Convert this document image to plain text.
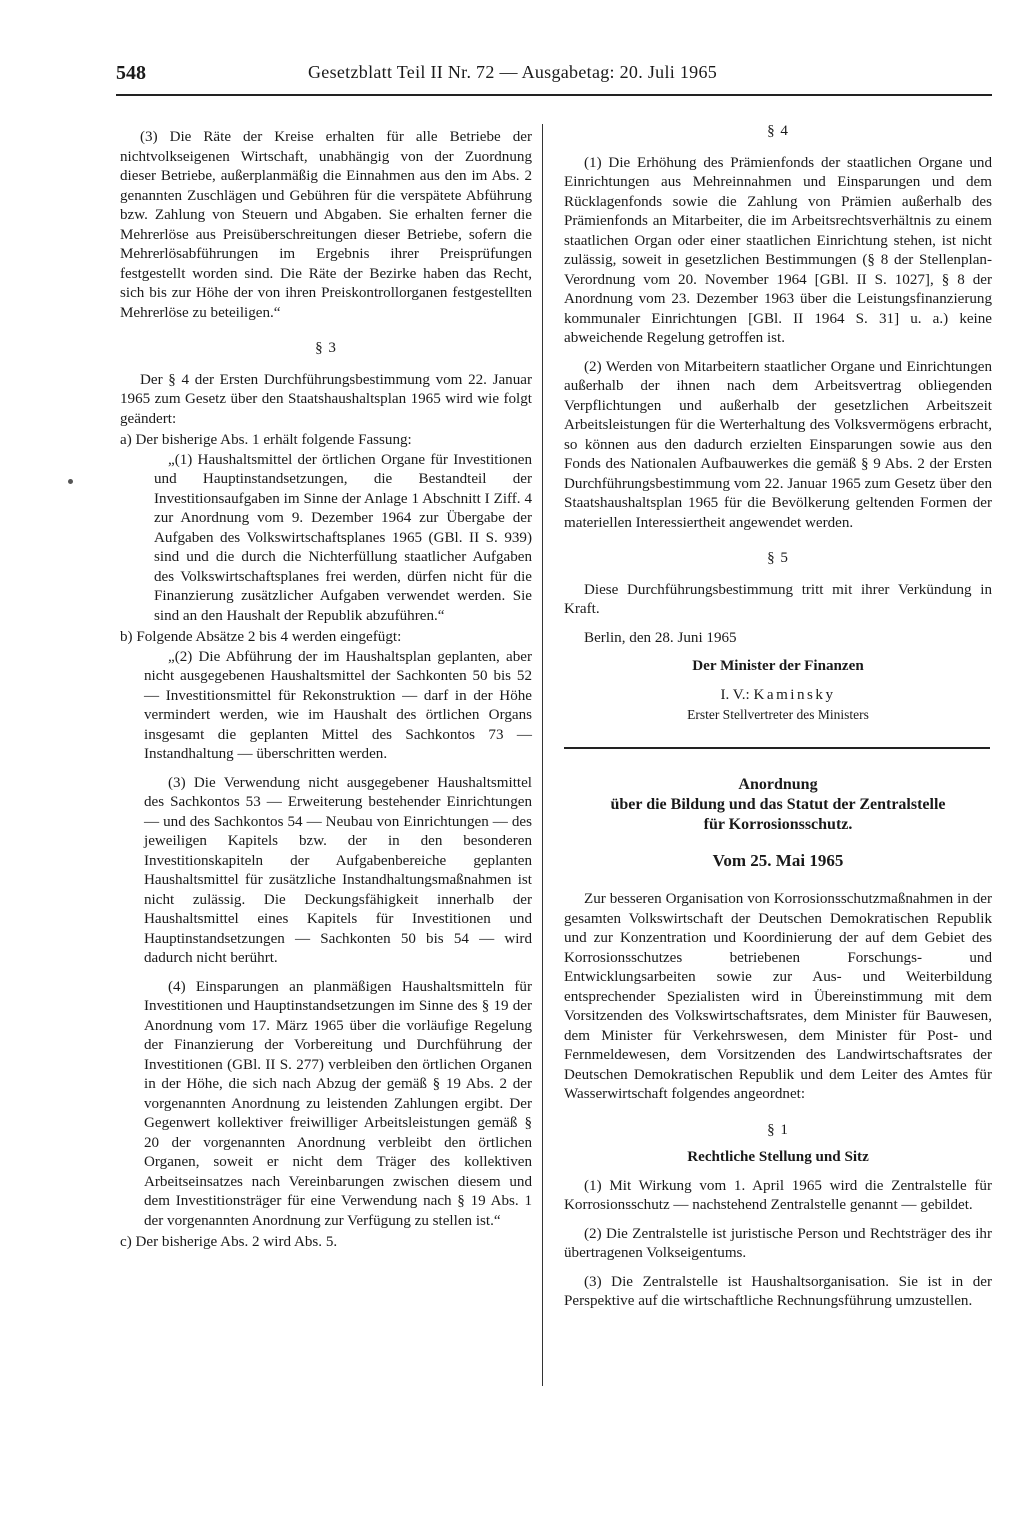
548	Gesetzblatt Teil II Nr. 72 — Ausgabetag: 20. Juli 1965

(3) Die Räte der Kreise erhalten für alle Betriebe der nichtvolkseigenen Wirtschaft, unabhängig von der Zuordnung dieser Betriebe, außerplanmäßig die Einnahmen aus den im Abs. 2 genannten Zuschlägen und Gebühren für die verspätete Abführung bzw. Zahlung von Steuern und Abgaben. Sie erhalten ferner die Mehrerlöse aus Preisüberschreitungen dieser Betriebe, sofern die Mehrerlösabführungen im Ergebnis ihrer Preisprüfungen festgestellt worden sind. Die Räte der Bezirke haben das Recht, sich bis zur Höhe der von ihren Preiskontrollorganen festgestellten Mehrerlöse zu beteiligen.“

§ 3

Der § 4 der Ersten Durchführungsbestimmung vom 22. Januar 1965 zum Gesetz über den Staatshaushaltsplan 1965 wird wie folgt geändert:

a) Der bisherige Abs. 1 erhält folgende Fassung:

„(1) Haushaltsmittel der örtlichen Organe für Investitionen und Hauptinstandsetzungen, die Bestandteil der Investitionsaufgaben im Sinne der Anlage 1 Abschnitt I Ziff. 4 zur Anordnung vom 9. Dezember 1964 zur Übergabe der Aufgaben des Volkswirtschaftsplanes 1965 (GBl. II S. 939) sind und die durch die Nichterfüllung staatlicher Aufgaben des Volkswirtschaftsplanes frei werden, dürfen nicht für die Finanzierung zusätzlicher Aufgaben verwendet werden. Sie sind an den Haushalt der Republik abzuführen.“

b) Folgende Absätze 2 bis 4 werden eingefügt:

„(2) Die Abführung der im Haushaltsplan geplanten, aber nicht ausgegebenen Haushaltsmittel der Sachkonten 50 bis 52 — Investitionsmittel für Rekonstruktion — darf in der Höhe vermindert werden, wie im Haushalt des örtlichen Organs insgesamt die geplanten Mittel des Sachkontos 73 — Instandhaltung — überschritten werden.

(3) Die Verwendung nicht ausgegebener Haushaltsmittel des Sachkontos 53 — Erweiterung bestehender Einrichtungen — und des Sachkontos 54 — Neubau von Einrichtungen — des jeweiligen Kapitels bzw. der in den besonderen Investitionskapiteln der Aufgabenbereiche geplanten Haushaltsmittel für zusätzliche Instandhaltungsmaßnahmen ist nicht zulässig. Die Deckungsfähigkeit innerhalb der Haushaltsmittel eines Kapitels für Investitionen und Hauptinstandsetzungen — Sachkonten 50 bis 54 — wird dadurch nicht berührt.

(4) Einsparungen an planmäßigen Haushaltsmitteln für Investitionen und Hauptinstandsetzungen im Sinne des § 19 der Anordnung vom 17. März 1965 über die vorläufige Regelung der Finanzierung der Vorbereitung und Durchführung der Investitionen (GBl. II S. 277) verbleiben den örtlichen Organen in der Höhe, die sich nach Abzug der gemäß § 19 Abs. 2 der vorgenannten Anordnung zu leistenden Zahlungen ergibt. Der Gegenwert kollektiver freiwilliger Arbeitsleistungen gemäß § 20 der vorgenannten Anordnung verbleibt den örtlichen Organen, soweit er nicht dem Träger des kollektiven Arbeitseinsatzes nach Vereinbarungen zwischen diesem und dem Investitionsträger für eine Verwendung nach § 19 Abs. 1 der vorgenannten Anordnung zur Verfügung zu stellen ist.“

c) Der bisherige Abs. 2 wird Abs. 5.

§ 4

(1) Die Erhöhung des Prämienfonds der staatlichen Organe und Einrichtungen aus Mehreinnahmen und Einsparungen und dem Rücklagenfonds sowie die Zahlung von Prämien außerhalb des Prämienfonds an Mitarbeiter, die im Arbeitsrechtsverhältnis zu einem staatlichen Organ oder einer staatlichen Einrichtung stehen, ist nicht zulässig, soweit in gesetzlichen Bestimmungen (§ 8 der Stellenplan-Verordnung vom 20. November 1964 [GBl. II S. 1027], § 8 der Anordnung vom 23. Dezember 1963 über die Leistungsfinanzierung kommunaler Einrichtungen [GBl. II 1964 S. 31] u. a.) keine abweichende Regelung getroffen ist.

(2) Werden von Mitarbeitern staatlicher Organe und Einrichtungen außerhalb der ihnen nach dem Arbeitsvertrag obliegenden Verpflichtungen und außerhalb der gesetzlichen Arbeitszeit Arbeitsleistungen für die Werterhaltung des Volksvermögens erbracht, so können aus den dadurch erzielten Einsparungen sowie aus den Fonds des Nationalen Aufbauwerkes die gemäß § 9 Abs. 2 der Ersten Durchführungsbestimmung vom 22. Januar 1965 zum Gesetz über den Staatshaushaltsplan 1965 für die Bevölkerung geltenden Formen der materiellen Interessiertheit angewendet werden.

§ 5

Diese Durchführungsbestimmung tritt mit ihrer Verkündung in Kraft.

Berlin, den 28. Juni 1965

Der Minister der Finanzen
I. V.: Kaminsky
Erster Stellvertreter des Ministers
Anordnung
über die Bildung und das Statut der Zentralstelle
für Korrosionsschutz.
Vom 25. Mai 1965

Zur besseren Organisation von Korrosionsschutzmaßnahmen in der gesamten Volkswirtschaft der Deutschen Demokratischen Republik und zur Konzentration und Koordinierung der auf dem Gebiet des Korrosionsschutzes betriebenen Forschungs- und Entwicklungsarbeiten sowie zur Aus- und Weiterbildung entsprechender Spezialisten wird in Übereinstimmung mit dem Vorsitzenden des Volkswirtschaftsrates, dem Minister für Bauwesen, dem Minister für Verkehrswesen, dem Minister für Post- und Fernmeldewesen, dem Vorsitzenden des Landwirtschaftsrates der Deutschen Demokratischen Republik und dem Leiter des Amtes für Wasserwirtschaft folgendes angeordnet:

§ 1
Rechtliche Stellung und Sitz

(1) Mit Wirkung vom 1. April 1965 wird die Zentralstelle für Korrosionsschutz — nachstehend Zentralstelle genannt — gebildet.

(2) Die Zentralstelle ist juristische Person und Rechtsträger des ihr übertragenen Volkseigentums.

(3) Die Zentralstelle ist Haushaltsorganisation. Sie ist in der Perspektive auf die wirtschaftliche Rechnungsführung umzustellen.
